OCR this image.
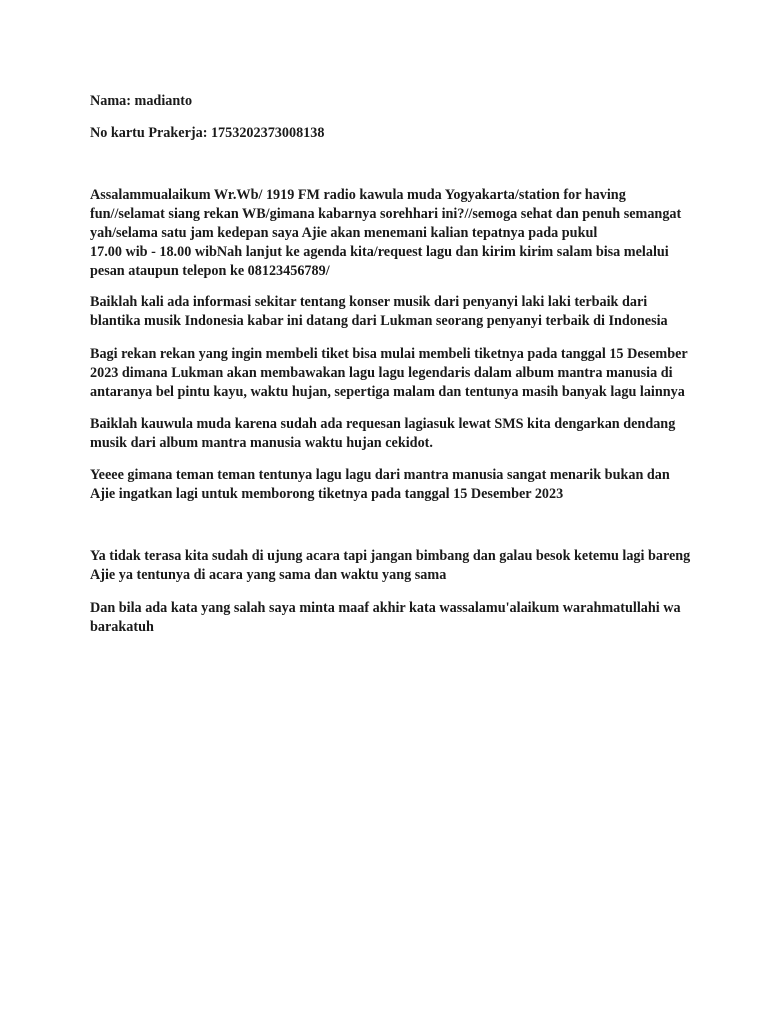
Nama: madianto
No kartu Prakerja: 1753202373008138
Assalammualaikum Wr.Wb/ 1919 FM radio kawula muda Yogyakarta/station for having
fun//selamat siang rekan WB/gimana kabarnya sorehhari ini?//semoga sehat dan penuh semangat
yah/selama satu jam kedepan saya Ajie akan menemani kalian tepatnya pada pukul
17.00 wib - 18.00 wibNah lanjut ke agenda kita/request lagu dan kirim kirim salam bisa melalui
pesan ataupun telepon ke 08123456789/
Baiklah kali ada informasi sekitar tentang konser musik dari penyanyi laki laki terbaik dari
blantika musik Indonesia kabar ini datang dari Lukman seorang penyanyi terbaik di Indonesia
Bagi rekan rekan yang ingin membeli tiket bisa mulai membeli tiketnya pada tanggal 15 Desember
2023 dimana Lukman akan membawakan lagu lagu legendaris dalam album mantra manusia di
antaranya bel pintu kayu, waktu hujan, sepertiga malam dan tentunya masih banyak lagu lainnya
Baiklah kauwula muda karena sudah ada requesan lagiasuk lewat SMS kita dengarkan dendang
musik dari album mantra manusia waktu hujan cekidot.
Yeeee gimana teman teman tentunya lagu lagu dari mantra manusia sangat menarik bukan dan
Ajie ingatkan lagi untuk memborong tiketnya pada tanggal 15 Desember 2023
Ya tidak terasa kita sudah di ujung acara tapi jangan bimbang dan galau besok ketemu lagi bareng
Ajie ya tentunya di acara yang sama dan waktu yang sama
Dan bila ada kata yang salah saya minta maaf akhir kata wassalamu'alaikum warahmatullahi wa
barakatuh
